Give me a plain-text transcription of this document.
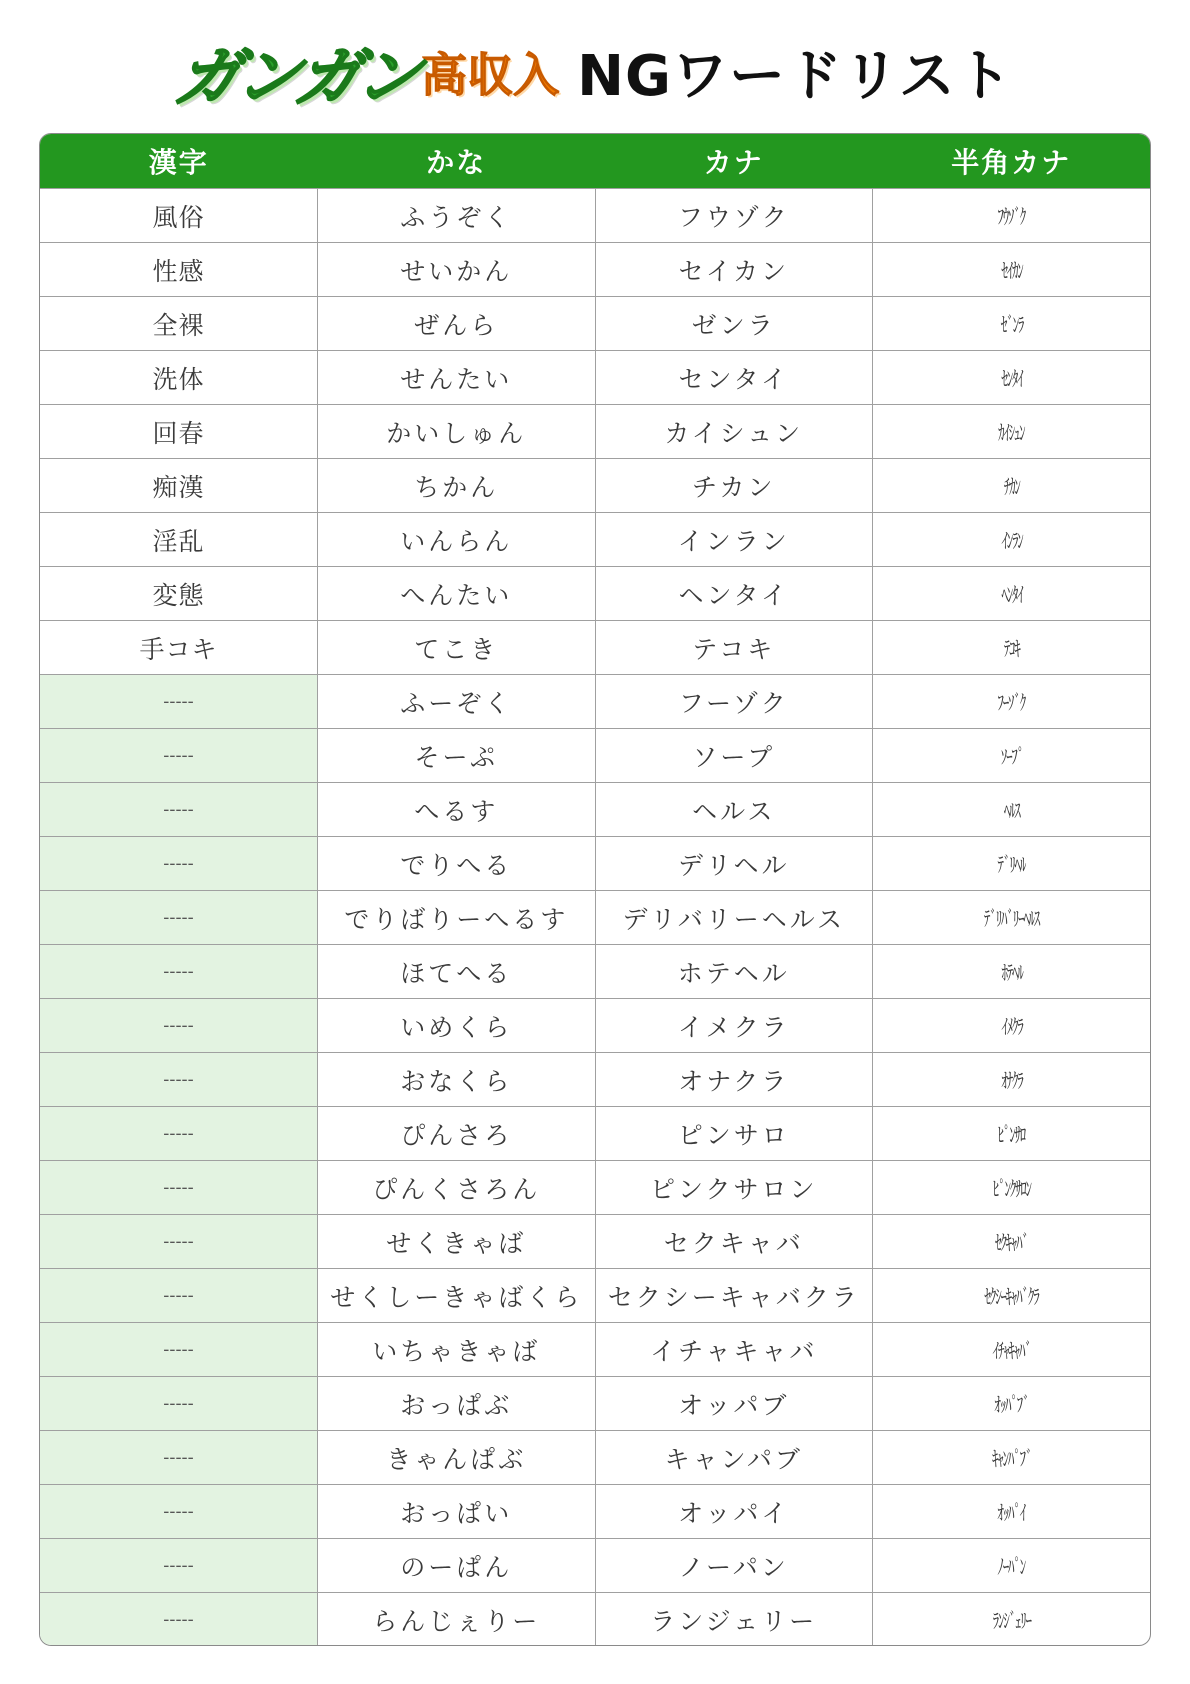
ガンガン 高収入 NGワードリスト
漢字	かな	カナ	半角カナ
風俗	ふうぞく	フウゾク	ﾌｳｿﾞｸ
性感	せいかん	セイカン	ｾｲｶﾝ
全裸	ぜんら	ゼンラ	ｾﾞﾝﾗ
洗体	せんたい	センタイ	ｾﾝﾀｲ
回春	かいしゅん	カイシュン	ｶｲｼｭﾝ
痴漢	ちかん	チカン	ﾁｶﾝ
淫乱	いんらん	インラン	ｲﾝﾗﾝ
変態	へんたい	ヘンタイ	ﾍﾝﾀｲ
手コキ	てこき	テコキ	ﾃｺｷ
-----	ふーぞく	フーゾク	ﾌｰｿﾞｸ
-----	そーぷ	ソープ	ｿｰﾌﾟ
-----	へるす	ヘルス	ﾍﾙｽ
-----	でりへる	デリヘル	ﾃﾞﾘﾍﾙ
-----	でりばりーへるす	デリバリーヘルス	ﾃﾞﾘﾊﾞﾘｰﾍﾙｽ
-----	ほてへる	ホテヘル	ﾎﾃﾍﾙ
-----	いめくら	イメクラ	ｲﾒｸﾗ
-----	おなくら	オナクラ	ｵﾅｸﾗ
-----	ぴんさろ	ピンサロ	ﾋﾟﾝｻﾛ
-----	ぴんくさろん	ピンクサロン	ﾋﾟﾝｸｻﾛﾝ
-----	せくきゃば	セクキャバ	ｾｸｷｬﾊﾞ
-----	せくしーきゃばくら	セクシーキャバクラ	ｾｸｼｰｷｬﾊﾞｸﾗ
-----	いちゃきゃば	イチャキャバ	ｲﾁｬｷｬﾊﾞ
-----	おっぱぶ	オッパブ	ｵｯﾊﾟﾌﾞ
-----	きゃんぱぶ	キャンパブ	ｷｬﾝﾊﾟﾌﾞ
-----	おっぱい	オッパイ	ｵｯﾊﾟｲ
-----	のーぱん	ノーパン	ﾉｰﾊﾟﾝ
-----	らんじぇりー	ランジェリー	ﾗﾝｼﾞｪﾘｰ
